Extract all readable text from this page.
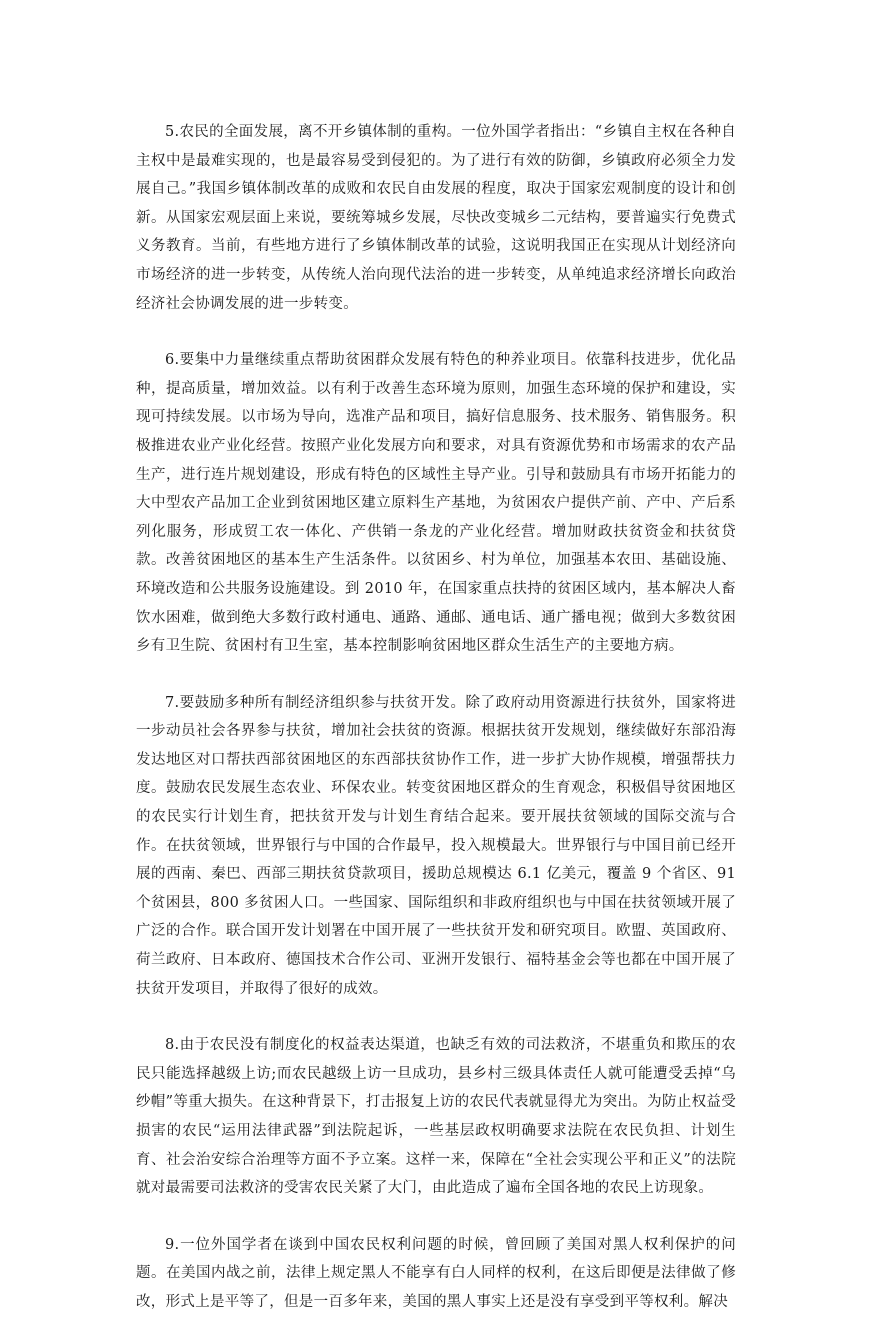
5.农民的全面发展，离不开乡镇体制的重构。一位外国学者指出：“乡镇自主权在各种自主权中是最难实现的，也是最容易受到侵犯的。为了进行有效的防御，乡镇政府必须全力发展自己。”我国乡镇体制改革的成败和农民自由发展的程度，取决于国家宏观制度的设计和创新。从国家宏观层面上来说，要统筹城乡发展，尽快改变城乡二元结构，要普遍实行免费式义务教育。当前，有些地方进行了乡镇体制改革的试验，这说明我国正在实现从计划经济向市场经济的进一步转变，从传统人治向现代法治的进一步转变，从单纯追求经济增长向政治经济社会协调发展的进一步转变。

6.要集中力量继续重点帮助贫困群众发展有特色的种养业项目。依靠科技进步，优化品种，提高质量，增加效益。以有利于改善生态环境为原则，加强生态环境的保护和建设，实现可持续发展。以市场为导向，选准产品和项目，搞好信息服务、技术服务、销售服务。积极推进农业产业化经营。按照产业化发展方向和要求，对具有资源优势和市场需求的农产品生产，进行连片规划建设，形成有特色的区域性主导产业。引导和鼓励具有市场开拓能力的大中型农产品加工企业到贫困地区建立原料生产基地，为贫困农户提供产前、产中、产后系列化服务，形成贸工农一体化、产供销一条龙的产业化经营。增加财政扶贫资金和扶贫贷款。改善贫困地区的基本生产生活条件。以贫困乡、村为单位，加强基本农田、基础设施、环境改造和公共服务设施建设。到 2010 年，在国家重点扶持的贫困区域内，基本解决人畜饮水困难，做到绝大多数行政村通电、通路、通邮、通电话、通广播电视；做到大多数贫困乡有卫生院、贫困村有卫生室，基本控制影响贫困地区群众生活生产的主要地方病。

7.要鼓励多种所有制经济组织参与扶贫开发。除了政府动用资源进行扶贫外，国家将进一步动员社会各界参与扶贫，增加社会扶贫的资源。根据扶贫开发规划，继续做好东部沿海发达地区对口帮扶西部贫困地区的东西部扶贫协作工作，进一步扩大协作规模，增强帮扶力度。鼓励农民发展生态农业、环保农业。转变贫困地区群众的生育观念，积极倡导贫困地区的农民实行计划生育，把扶贫开发与计划生育结合起来。要开展扶贫领域的国际交流与合作。在扶贫领域，世界银行与中国的合作最早，投入规模最大。世界银行与中国目前已经开展的西南、秦巴、西部三期扶贫贷款项目，援助总规模达 6.1 亿美元，覆盖 9 个省区、91 个贫困县，800 多贫困人口。一些国家、国际组织和非政府组织也与中国在扶贫领域开展了广泛的合作。联合国开发计划署在中国开展了一些扶贫开发和研究项目。欧盟、英国政府、荷兰政府、日本政府、德国技术合作公司、亚洲开发银行、福特基金会等也都在中国开展了扶贫开发项目，并取得了很好的成效。

8.由于农民没有制度化的权益表达渠道，也缺乏有效的司法救济，不堪重负和欺压的农民只能选择越级上访;而农民越级上访一旦成功，县乡村三级具体责任人就可能遭受丢掉“乌纱帽”等重大损失。在这种背景下，打击报复上访的农民代表就显得尤为突出。为防止权益受损害的农民“运用法律武器”到法院起诉，一些基层政权明确要求法院在农民负担、计划生育、社会治安综合治理等方面不予立案。这样一来，保障在“全社会实现公平和正义”的法院就对最需要司法救济的受害农民关紧了大门，由此造成了遍布全国各地的农民上访现象。

9.一位外国学者在谈到中国农民权利问题的时候，曾回顾了美国对黑人权利保护的问题。在美国内战之前，法律上规定黑人不能享有白人同样的权利，在这后即便是法律做了修改，形式上是平等了，但是一百多年来，美国的黑人事实上还是没有享受到平等权利。解决
